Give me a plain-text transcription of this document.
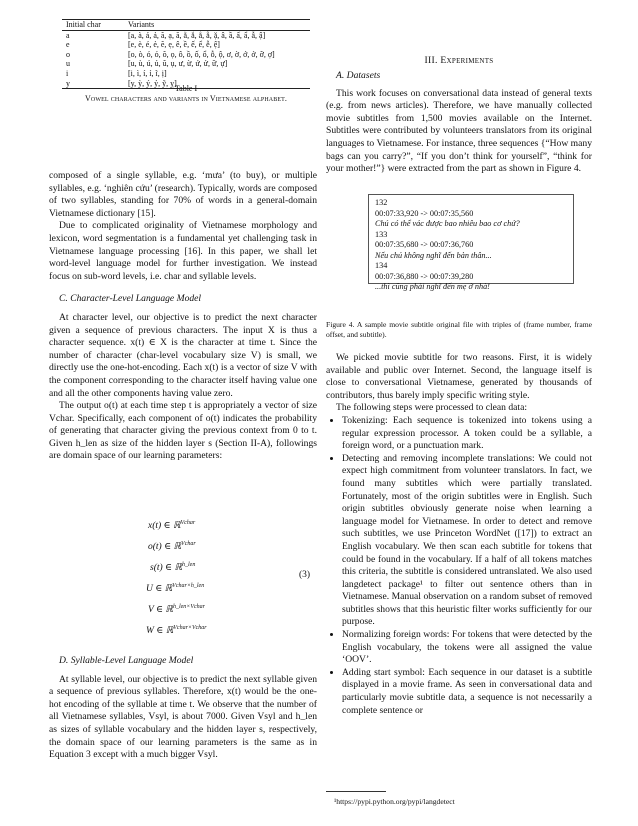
Initial char	Variants
a	[a, à, á, ả, ã, ạ, ă, ằ, ắ, ẳ, ẵ, ặ, â, ầ, ấ, ẩ, ẫ, ậ]
e	[e, è, é, ẻ, ẽ, ẹ, ê, ề, ế, ể, ễ, ệ]
o	[o, ò, ó, ỏ, õ, ọ, ô, ồ, ố, ổ, ỗ, ộ, ơ, ờ, ớ, ở, ỡ, ợ]
u	[u, ù, ú, ủ, ũ, ụ, ư, ừ, ứ, ử, ữ, ự]
i	[i, ì, í, ỉ, ĩ, ị]
y	[y, ỳ, ý, ỷ, ỹ, ỵ]
Table I
Vowel characters and variants in Vietnamese alphabet.

composed of a single syllable, e.g. ‘mưa’ (to buy), or multiple syllables, e.g. ‘nghiên cứu’ (research). Typically, words are composed of two syllables, standing for 70% of words in a general-domain Vietnamese dictionary [15].

Due to complicated originality of Vietnamese morphology and lexicon, word segmentation is a fundamental yet challenging task in Vietnamese language processing [16]. In this paper, we shall let word-level language model for further investigation. We instead focus on sub-word levels, i.e. char and syllable levels.

C. Character-Level Language Model

At character level, our objective is to predict the next character given a sequence of previous characters. The input X is thus a character sequence. x(t) ∈ X is the character at time t. Since the number of character (char-level vocabulary size V) is small, we directly use the one-hot-encoding. Each x(t) is a vector of size V with the component corresponding to the character itself having value one and all the other components having value zero.

The output o(t) at each time step t is appropriately a vector of size Vchar. Specifically, each component of o(t) indicates the probability of generating that character giving the previous context from 0 to t. Given h_len as size of the hidden layer s (Section II-A), followings are domain space of our learning parameters:

x(t) ∈ ℝ$^{Vchar}$
o(t) ∈ ℝ$^{Vchar}$
s(t) ∈ ℝ$^{h\_len}$
U ∈ ℝ$^{Vchar\times h\_len}$
V ∈ ℝ$^{h\_len\times Vchar}$
W ∈ ℝ$^{Vchar\times Vchar}$
(3)

D. Syllable-Level Language Model

At syllable level, our objective is to predict the next syllable given a sequence of previous syllables. Therefore, x(t) would be the one-hot encoding of the syllable at time t. We observe that the number of all Vietnamese syllables, Vsyl, is about 7000. Given Vsyl and h_len as sizes of syllable vocabulary and the hidden layer s, respectively, the domain space of our learning parameters is the same as in Equation 3 except with a much bigger Vsyl.

III. Experiments

A. Datasets

This work focuses on conversational data instead of general texts (e.g. from news articles). Therefore, we have manually collected movie subtitles from 1,500 movies available on the Internet. Subtitles were contributed by volunteers translators from its original languages to Vietnamese. For instance, three sequences {“How many bags can you carry?”, “If you don’t think for yourself”, “think for your mother!”} were extracted from the part as shown in Figure 4.

132
00:07:33,920 -> 00:07:35,560
Chú có thể vác được bao nhiêu bao cơ chứ?
133
00:07:35,680 -> 00:07:36,760
Nếu chú không nghĩ đến bản thân...
134
00:07:36,880 -> 00:07:39,280
...thì cũng phải nghĩ đến mẹ ở nhà!
Figure 4. A sample movie subtitle original file with triples of (frame number, frame offset, and subtitle).

We picked movie subtitle for two reasons. First, it is widely available and public over Internet. Second, the language itself is close to conversational Vietnamese, generated by thousands of contributors, thus barely imply specific writing style.

The following steps were processed to clean data:

• Tokenizing: Each sequence is tokenized into tokens using a regular expression processor. A token could be a syllable, a foreign word, or a punctuation mark.
• Detecting and removing incomplete translations: We could not expect high commitment from volunteer translators. In fact, we found many subtitles which were partially translated. Fortunately, most of the origin subtitles were in English. Such origin subtitles obviously generate noise when learning a language model for Vietnamese. In order to detect and remove such subtitles, we use Princeton WordNet ([17]) to extract an English vocabulary. We then scan each subtitle for tokens that could be found in the vocabulary. If a half of all tokens matches this criteria, the subtitle is considered untranslated. We also used langdetect package¹ to filter out sentence others than in Vietnamese. Manual observation on a random subset of removed subtitles shows that this heuristic filter works sufficiently for our purpose.
• Normalizing foreign words: For tokens that were detected by the English vocabulary, the tokens were all assigned the value ‘OOV’.
• Adding start symbol: Each sequence in our dataset is a subtitle displayed in a movie frame. As seen in conversational data and particularly movie subtitle data, a sequence is not necessarily a complete sentence or
¹https://pypi.python.org/pypi/langdetect
